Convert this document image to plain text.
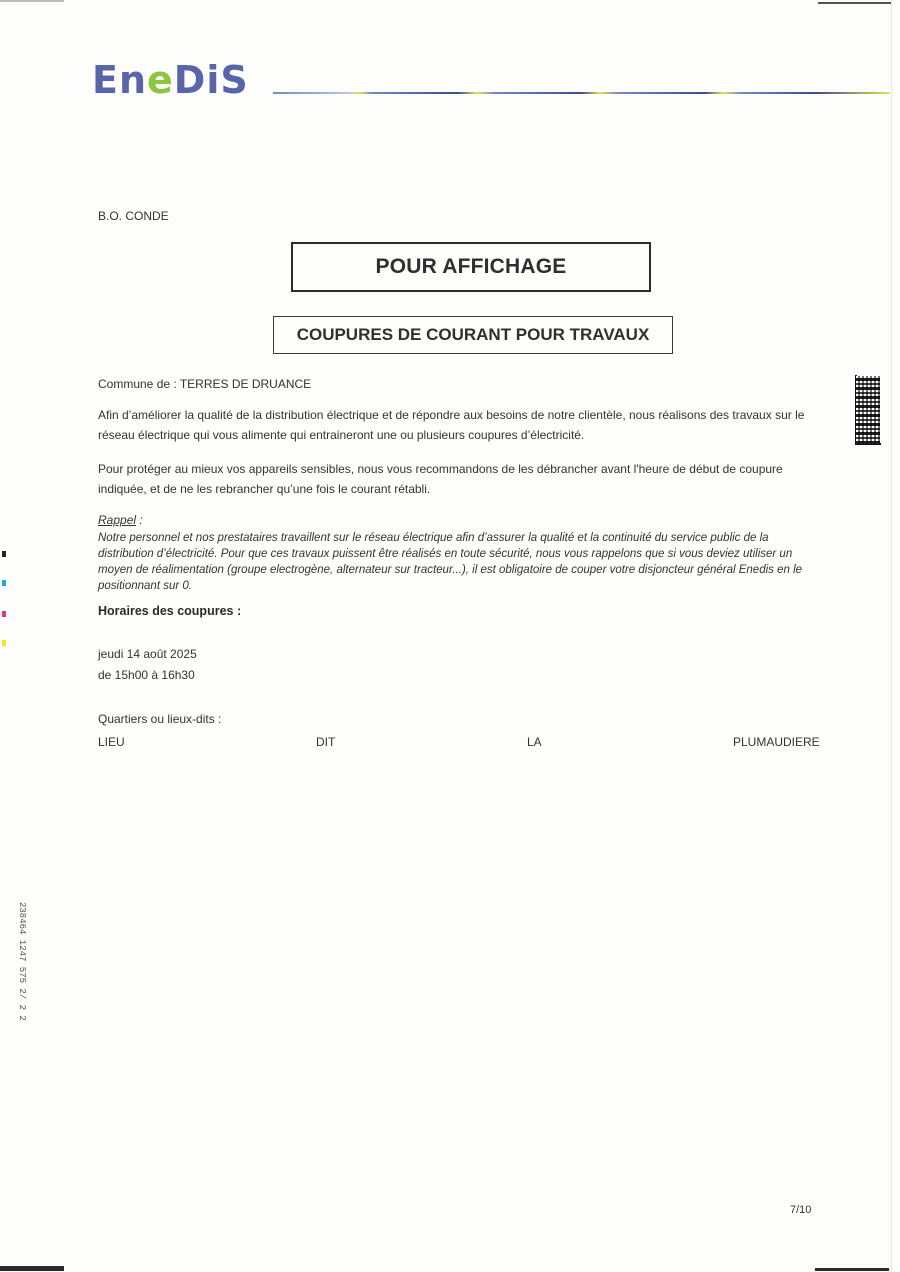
EneDiS
B.O. CONDE
POUR AFFICHAGE
COUPURES DE COURANT POUR TRAVAUX
Commune de : TERRES DE DRUANCE
Afin d’améliorer la qualité de la distribution électrique et de répondre aux besoins de notre clientèle, nous réalisons des travaux sur le réseau électrique qui vous alimente qui entraineront une ou plusieurs coupures d’électricité.
Pour protéger au mieux vos appareils sensibles, nous vous recommandons de les débrancher avant l'heure de début de coupure indiquée, et de ne les rebrancher qu’une fois le courant rétabli.
Rappel :
Notre personnel et nos prestataires travaillent sur le réseau électrique afin d’assurer la qualité et la continuité du service public de la distribution d’électricité. Pour que ces travaux puissent être réalisés en toute sécurité, nous vous rappelons que si vous deviez utiliser un moyen de réalimentation (groupe electrogène, alternateur sur tracteur...), il est obligatoire de couper votre disjoncteur général Enedis en le positionnant sur 0.
Horaires des coupures :
jeudi 14 août 2025
de 15h00 à 16h30
Quartiers ou lieux-dits :
LIEU	DIT	LA	PLUMAUDIERE
238464 1247 575 2/ 2 2
7/10
